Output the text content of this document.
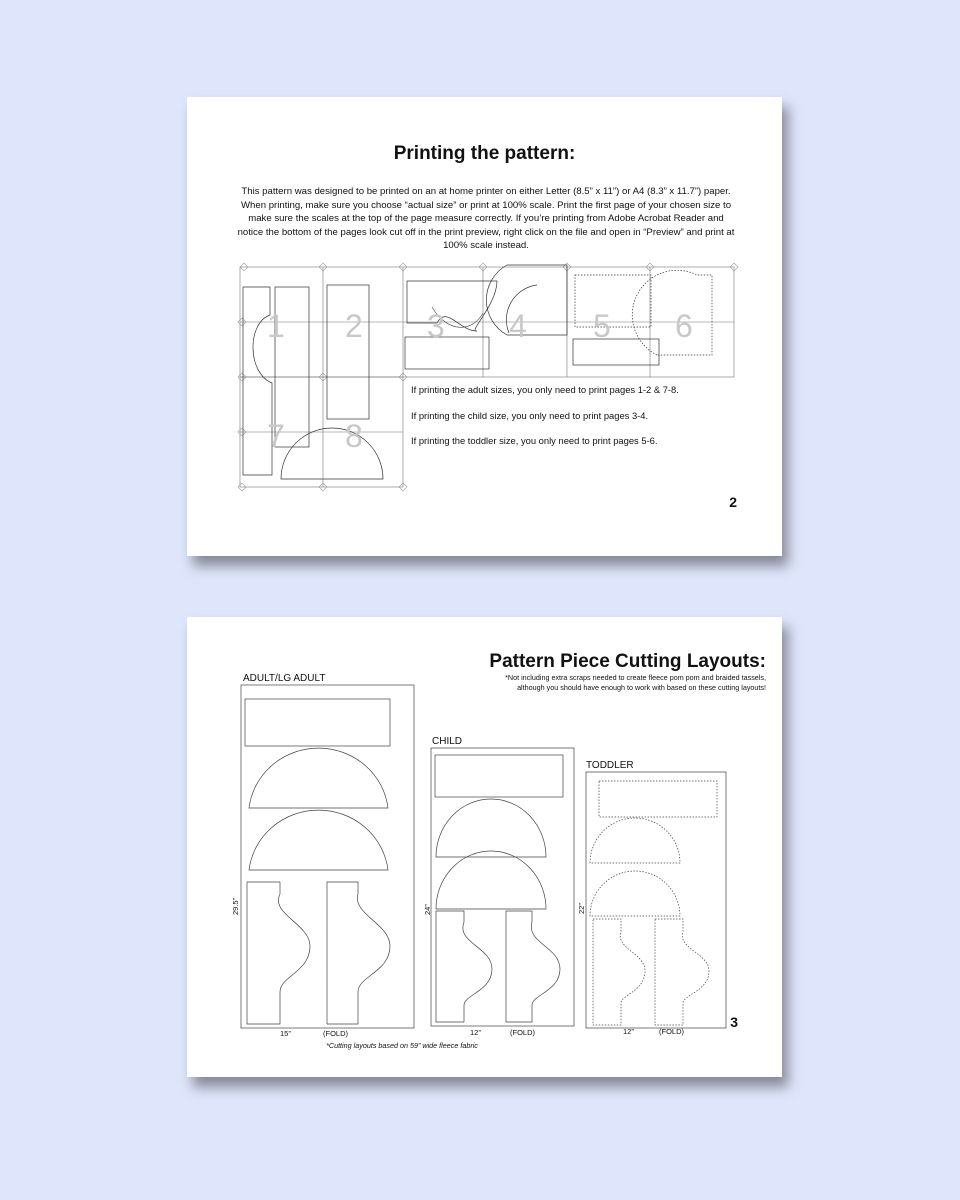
Printing the pattern:

This pattern was designed to be printed on an at home printer on either Letter (8.5” x 11”) or A4 (8.3” x 11.7”) paper. When printing, make sure you choose “actual size” or print at 100% scale. Print the first page of your chosen size to make sure the scales at the top of the page measure correctly. If you’re printing from Adobe Acrobat Reader and notice the bottom of the pages look cut off in the print preview, right click on the file and open in “Preview” and print at 100% scale instead.

1 2 3 4 5 6
7 8

If printing the adult sizes, you only need to print pages 1-2 & 7-8.

If printing the child size, you only need to print pages 3-4.

If printing the toddler size, you only need to print pages 5-6.

2
Pattern Piece Cutting Layouts:

*Not including extra scraps needed to create fleece pom pom and braided tassels, although you should have enough to work with based on these cutting layouts!

ADULT/LG ADULT

29.5”

15”	(FOLD)

CHILD

24”

12”	(FOLD)

TODDLER

22”

12”	(FOLD)

*Cutting layouts based on 59” wide fleece fabric

3
